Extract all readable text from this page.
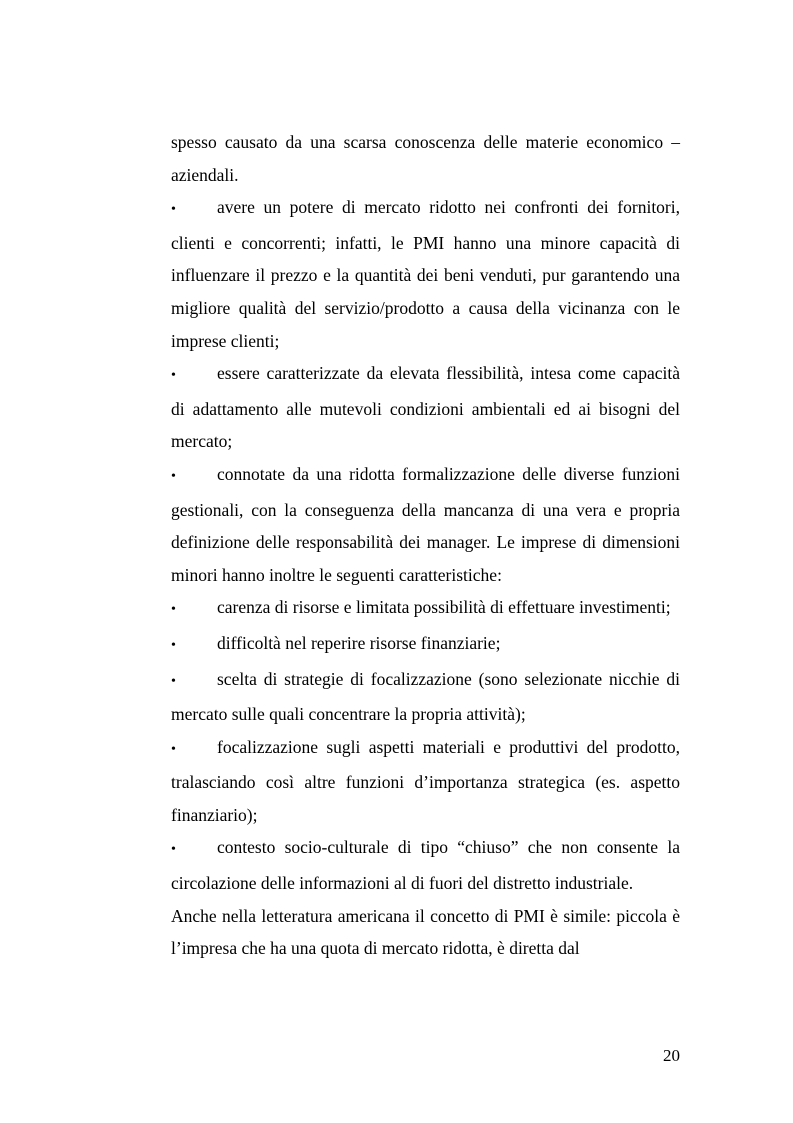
spesso causato da una scarsa conoscenza delle materie economico – aziendali.

• avere un potere di mercato ridotto nei confronti dei fornitori, clienti e concorrenti; infatti, le PMI hanno una minore capacità di influenzare il prezzo e la quantità dei beni venduti, pur garantendo una migliore qualità del servizio/prodotto a causa della vicinanza con le imprese clienti;

• essere caratterizzate da elevata flessibilità, intesa come capacità di adattamento alle mutevoli condizioni ambientali ed ai bisogni del mercato;

• connotate da una ridotta formalizzazione delle diverse funzioni gestionali, con la conseguenza della mancanza di una vera e propria definizione delle responsabilità dei manager. Le imprese di dimensioni minori hanno inoltre le seguenti caratteristiche:

• carenza di risorse e limitata possibilità di effettuare investimenti;

• difficoltà nel reperire risorse finanziarie;

• scelta di strategie di focalizzazione (sono selezionate nicchie di mercato sulle quali concentrare la propria attività);

• focalizzazione sugli aspetti materiali e produttivi del prodotto, tralasciando così altre funzioni d’importanza strategica (es. aspetto finanziario);

• contesto socio-culturale di tipo “chiuso” che non consente la circolazione delle informazioni al di fuori del distretto industriale.

Anche nella letteratura americana il concetto di PMI è simile: piccola è l’impresa che ha una quota di mercato ridotta, è diretta dal

20
